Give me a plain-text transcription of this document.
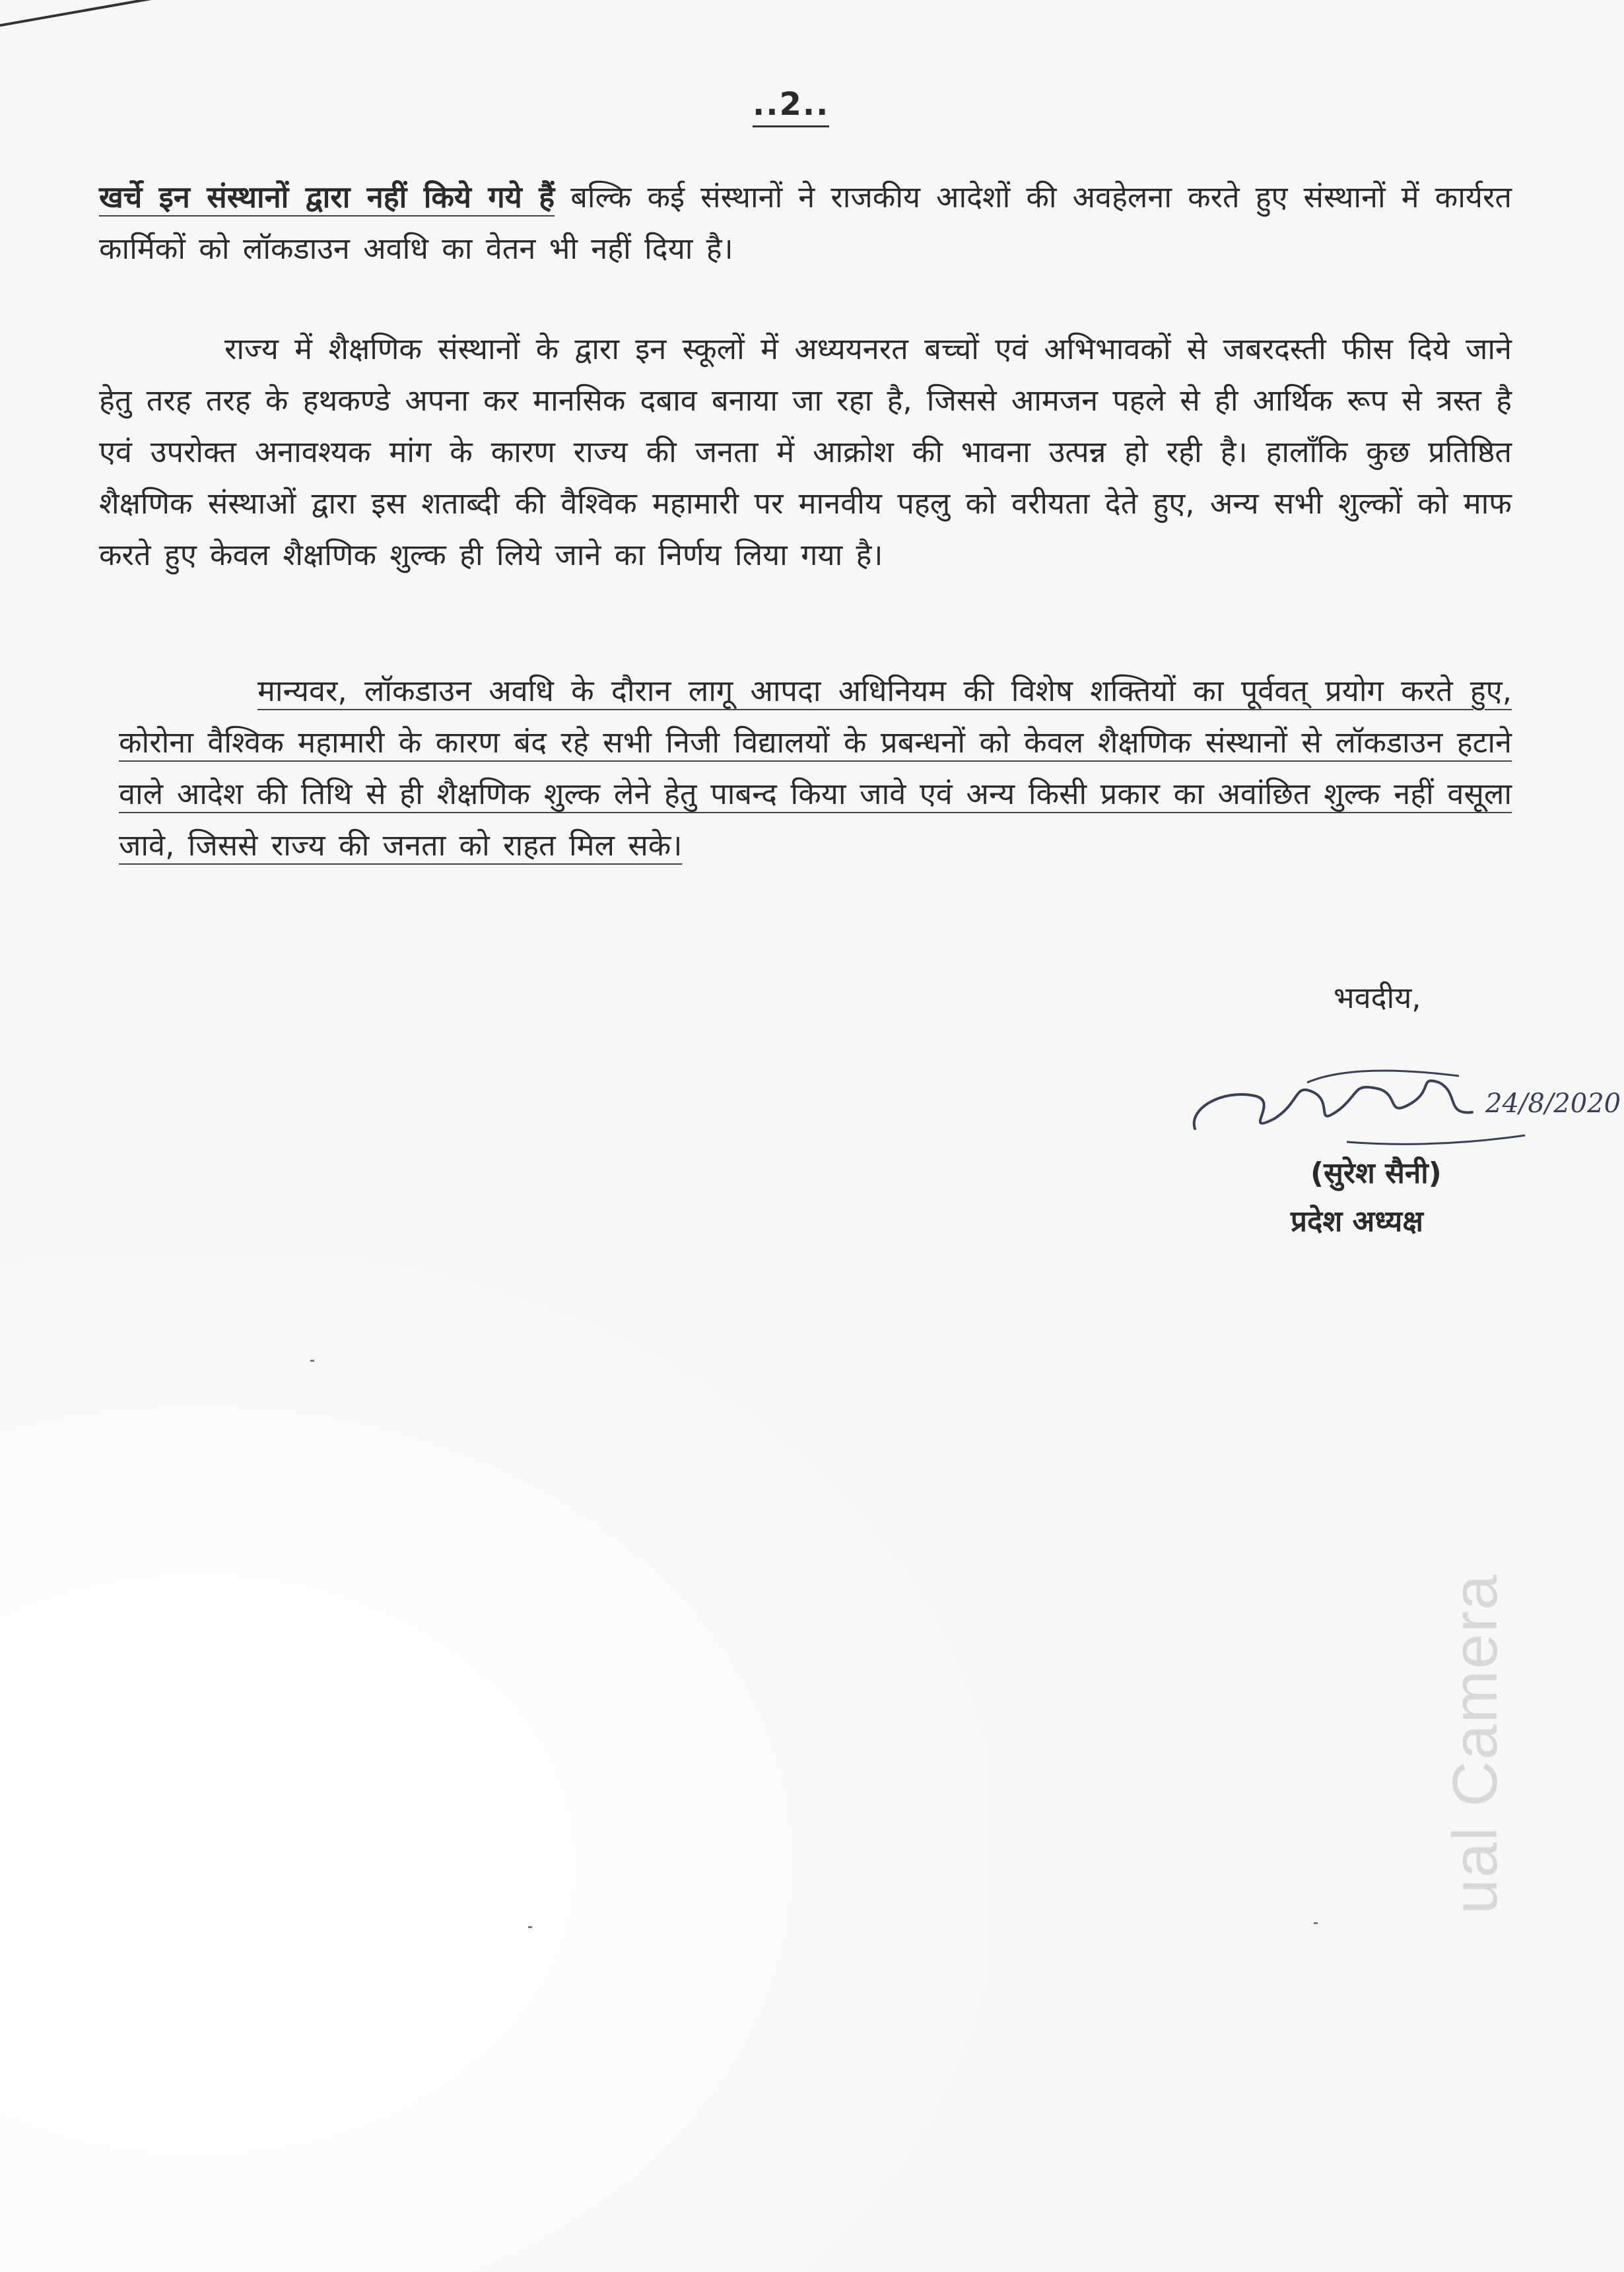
..2..
खर्चे इन संस्थानों द्वारा नहीं किये गये हैं बल्कि कई संस्थानों ने राजकीय आदेशों की अवहेलना करते हुए संस्थानों में कार्यरत कार्मिकों को लॉकडाउन अवधि का वेतन भी नहीं दिया है।
राज्य में शैक्षणिक संस्थानों के द्वारा इन स्कूलों में अध्ययनरत बच्चों एवं अभिभावकों से जबरदस्ती फीस दिये जाने हेतु तरह तरह के हथकण्डे अपना कर मानसिक दबाव बनाया जा रहा है, जिससे आमजन पहले से ही आर्थिक रूप से त्रस्त है एवं उपरोक्त अनावश्यक मांग के कारण राज्य की जनता में आक्रोश की भावना उत्पन्न हो रही है। हालाँकि कुछ प्रतिष्ठित शैक्षणिक संस्थाओं द्वारा इस शताब्दी की वैश्विक महामारी पर मानवीय पहलु को वरीयता देते हुए, अन्य सभी शुल्कों को माफ करते हुए केवल शैक्षणिक शुल्क ही लिये जाने का निर्णय लिया गया है।
मान्यवर, लॉकडाउन अवधि के दौरान लागू आपदा अधिनियम की विशेष शक्तियों का पूर्ववत् प्रयोग करते हुए, कोरोना वैश्विक महामारी के कारण बंद रहे सभी निजी विद्यालयों के प्रबन्धनों को केवल शैक्षणिक संस्थानों से लॉकडाउन हटाने वाले आदेश की तिथि से ही शैक्षणिक शुल्क लेने हेतु पाबन्द किया जावे एवं अन्य किसी प्रकार का अवांछित शुल्क नहीं वसूला जावे, जिससे राज्य की जनता को राहत मिल सके।
भवदीय,
24/8/2020
(सुरेश सैनी)
प्रदेश अध्यक्ष
ual Camera
